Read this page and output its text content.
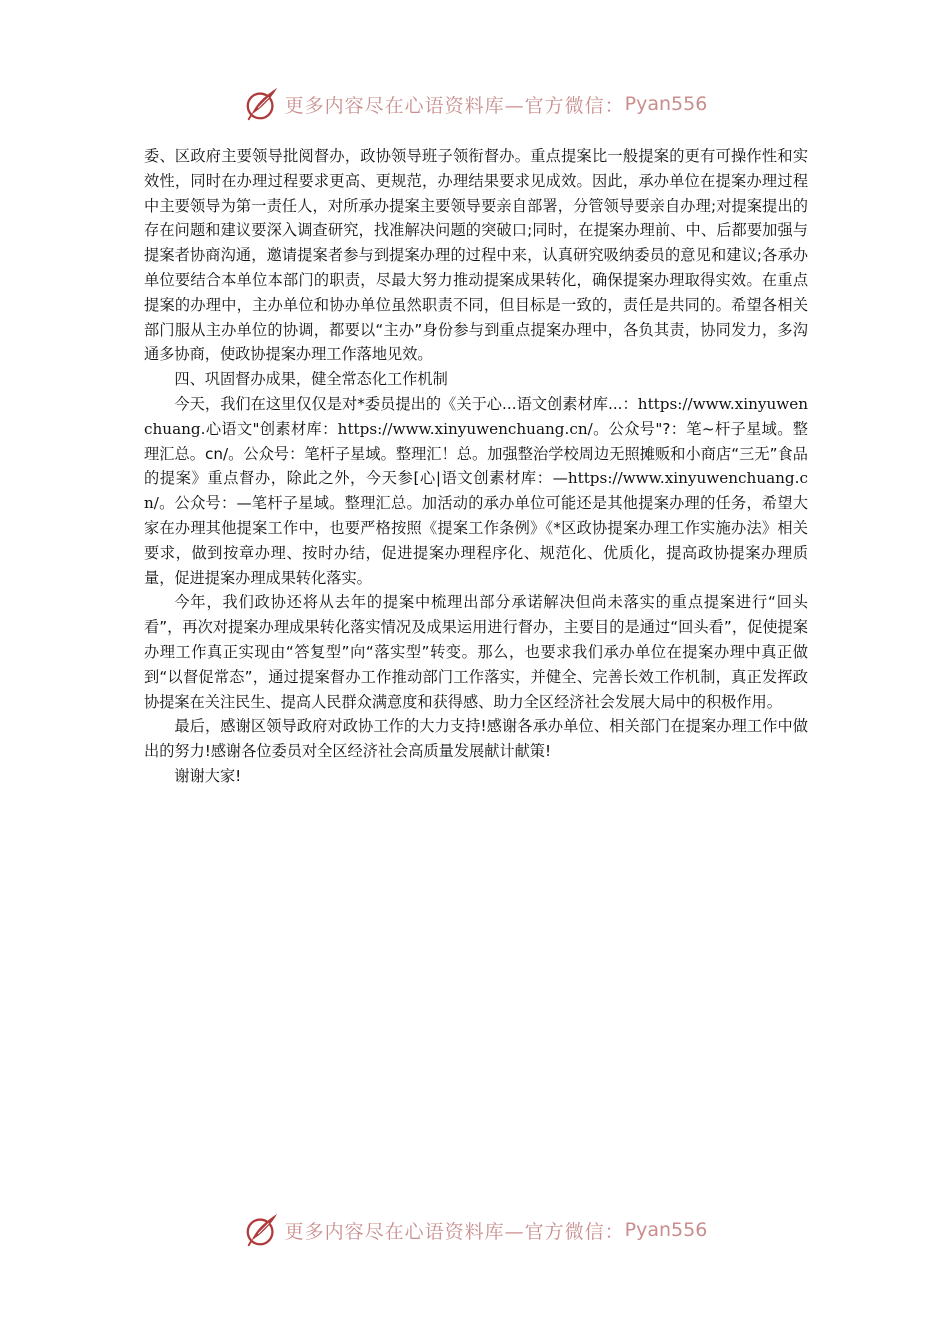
更多内容尽在心语资料库—官方微信： Pyan556

委、区政府主要领导批阅督办，政协领导班子领衔督办。重点提案比一般提案的更有可操作性和实效性，同时在办理过程要求更高、更规范，办理结果要求见成效。因此，承办单位在提案办理过程中主要领导为第一责任人，对所承办提案主要领导要亲自部署，分管领导要亲自办理;对提案提出的存在问题和建议要深入调查研究，找准解决问题的突破口;同时，在提案办理前、中、后都要加强与提案者协商沟通，邀请提案者参与到提案办理的过程中来，认真研究吸纳委员的意见和建议;各承办单位要结合本单位本部门的职责，尽最大努力推动提案成果转化，确保提案办理取得实效。在重点提案的办理中，主办单位和协办单位虽然职责不同，但目标是一致的，责任是共同的。希望各相关部门服从主办单位的协调，都要以“主办”身份参与到重点提案办理中，各负其责，协同发力，多沟通多协商，使政协提案办理工作落地见效。

四、巩固督办成果，健全常态化工作机制

今天，我们在这里仅仅是对*委员提出的《关于心...语文创素材库...：https://www.xinyuwenchuang.心语文"创素材库：https://www.xinyuwenchuang.cn/。公众号"?：笔~杆子星域。整理汇总。cn/。公众号：笔杆子星域。整理汇！总。加强整治学校周边无照摊贩和小商店“三无”食品的提案》重点督办，除此之外，今天参[心|语文创素材库：—https://www.xinyuwenchuang.cn/。公众号：—笔杆子星域。整理汇总。加活动的承办单位可能还是其他提案办理的任务，希望大家在办理其他提案工作中，也要严格按照《提案工作条例》《*区政协提案办理工作实施办法》相关要求，做到按章办理、按时办结，促进提案办理程序化、规范化、优质化，提高政协提案办理质量，促进提案办理成果转化落实。

今年，我们政协还将从去年的提案中梳理出部分承诺解决但尚未落实的重点提案进行“回头看”，再次对提案办理成果转化落实情况及成果运用进行督办，主要目的是通过“回头看”，促使提案办理工作真正实现由“答复型”向“落实型”转变。那么，也要求我们承办单位在提案办理中真正做到“以督促常态”，通过提案督办工作推动部门工作落实，并健全、完善长效工作机制，真正发挥政协提案在关注民生、提高人民群众满意度和获得感、助力全区经济社会发展大局中的积极作用。

最后，感谢区领导政府对政协工作的大力支持!感谢各承办单位、相关部门在提案办理工作中做出的努力!感谢各位委员对全区经济社会高质量发展献计献策!

谢谢大家!

更多内容尽在心语资料库—官方微信： Pyan556
